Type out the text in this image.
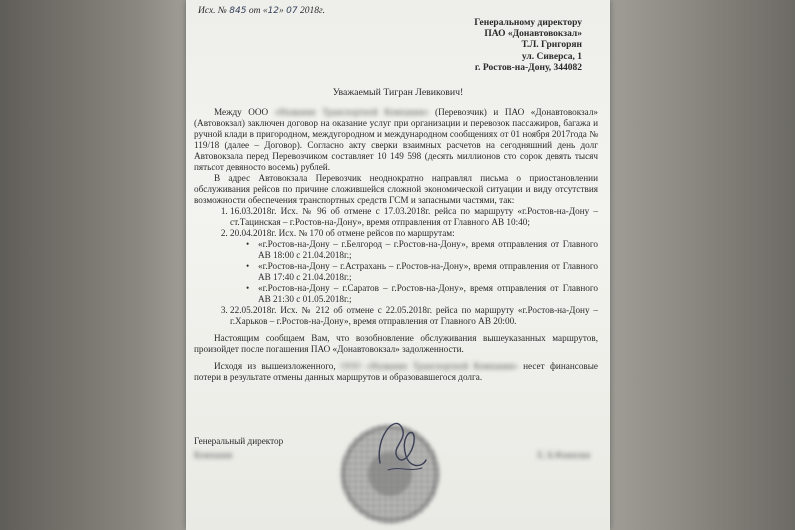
Исх. № 845 от «12» 07 2018г.
Генеральному директору
ПАО «Донавтовокзал»
Т.Л. Григорян
ул. Сиверса, 1
г. Ростов-на-Дону, 344082
Уважаемый Тигран Левикович!

Между ООО «Название Транспортной Компании» (Перевозчик) и ПАО «Донавтовокзал» (Автовокзал) заключен договор на оказание услуг при организации и перевозок пассажиров, багажа и ручной клади в пригородном, междугородном и международном сообщениях от 01 ноября 2017года № 119/18 (далее – Договор). Согласно акту сверки взаимных расчетов на сегодняшний день долг Автовокзала перед Перевозчиком составляет 10 149 598 (десять миллионов сто сорок девять тысяч пятьсот девяносто восемь) рублей.

В адрес Автовокзала Перевозчик неоднократно направлял письма о приостановлении обслуживания рейсов по причине сложившейся сложной экономической ситуации и виду отсутствия возможности обеспечения транспортных средств ГСМ и запасными частями, так:

1. 16.03.2018г. Исх. № 96 об отмене с 17.03.2018г. рейса по маршруту «г.Ростов-на-Дону – ст.Тацинская – г.Ростов-на-Дону», время отправления от Главного АВ 10:40;
2. 20.04.2018г. Исх. № 170 об отмене рейсов по маршрутам:
• «г.Ростов-на-Дону – г.Белгород – г.Ростов-на-Дону», время отправления от Главного АВ 18:00 с 21.04.2018г.;
• «г.Ростов-на-Дону – г.Астрахань – г.Ростов-на-Дону», время отправления от Главного АВ 17:40 с 21.04.2018г.;
• «г.Ростов-на-Дону – г.Саратов – г.Ростов-на-Дону», время отправления от Главного АВ 21:30 с 01.05.2018г.;
3. 22.05.2018г. Исх. № 212 об отмене с 22.05.2018г. рейса по маршруту «г.Ростов-на-Дону – г.Харьков – г.Ростов-на-Дону», время отправления от Главного АВ 20:00.

Настоящим сообщаем Вам, что возобновление обслуживания вышеуказанных маршрутов, произойдет после погашения ПАО «Донавтовокзал» задолженности.

Исходя из вышеизложенного, ООО «Название Транспортной Компании» несет финансовые потери в результате отмены данных маршрутов и образовавшегося долга.

Генеральный директор
Компания	Е. Б.Фамилия
